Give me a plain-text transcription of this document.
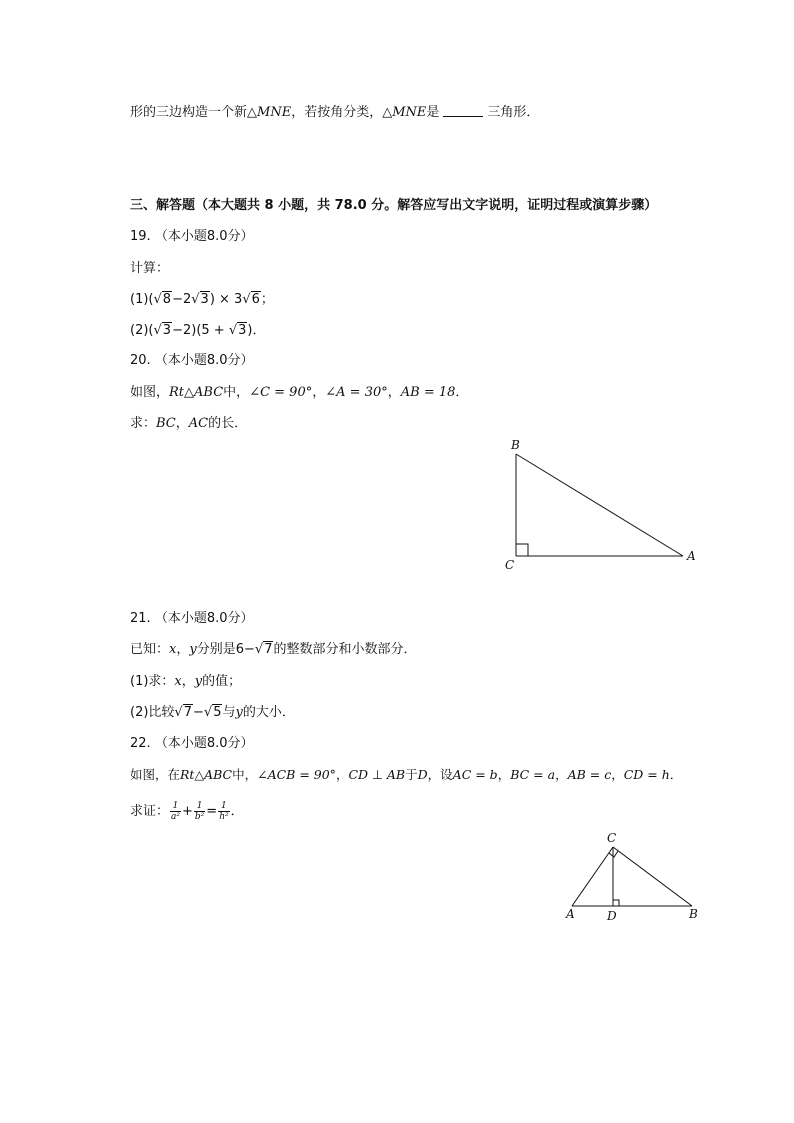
形的三边构造一个新△MNE，若按角分类，△MNE是	三角形．
三、解答题（本大题共 8 小题，共 78.0 分。解答应写出文字说明，证明过程或演算步骤）
19. （本小题8.0分）
计算：
(1)(√8−2√3) × 3√6；
(2)(√3−2)(5 + √3)．
20. （本小题8.0分）
如图，Rt△ABC中，∠C = 90°，∠A = 30°，AB = 18．
求：BC，AC的长．
B
C
A
C
A	D	B
21. （本小题8.0分）
已知：x，y分别是6−√7的整数部分和小数部分．
(1)求：x，y的值；
(2)比较√7−√5与y的大小．
22. （本小题8.0分）
如图，在Rt△ABC中，∠ACB = 90°，CD ⊥ AB于D，设AC = b，BC = a，AB = c，CD = h．
求证： $\frac{1}{\text{a²}} + \frac{1}{\text{b²}} = \frac{1}{\text{h²}}$ ．
